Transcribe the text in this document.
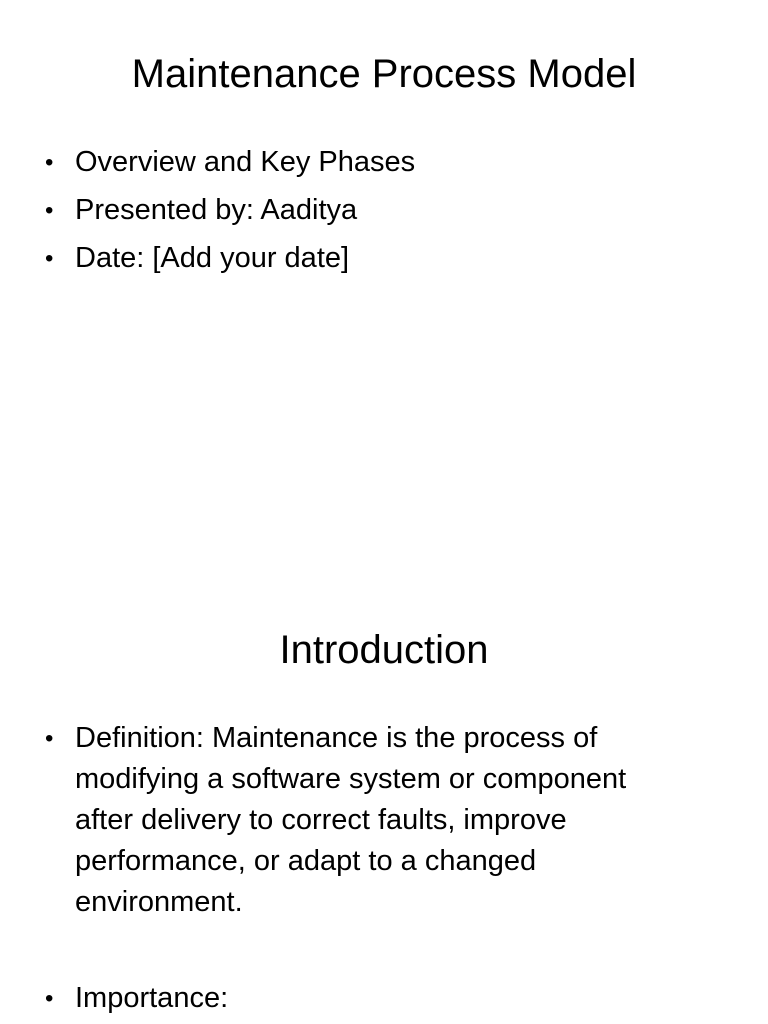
Maintenance Process Model
• Overview and Key Phases
• Presented by: Aaditya
• Date: [Add your date]
Introduction
• Definition: Maintenance is the process of modifying a software system or component after delivery to correct faults, improve performance, or adapt to a changed environment.
• Importance:
